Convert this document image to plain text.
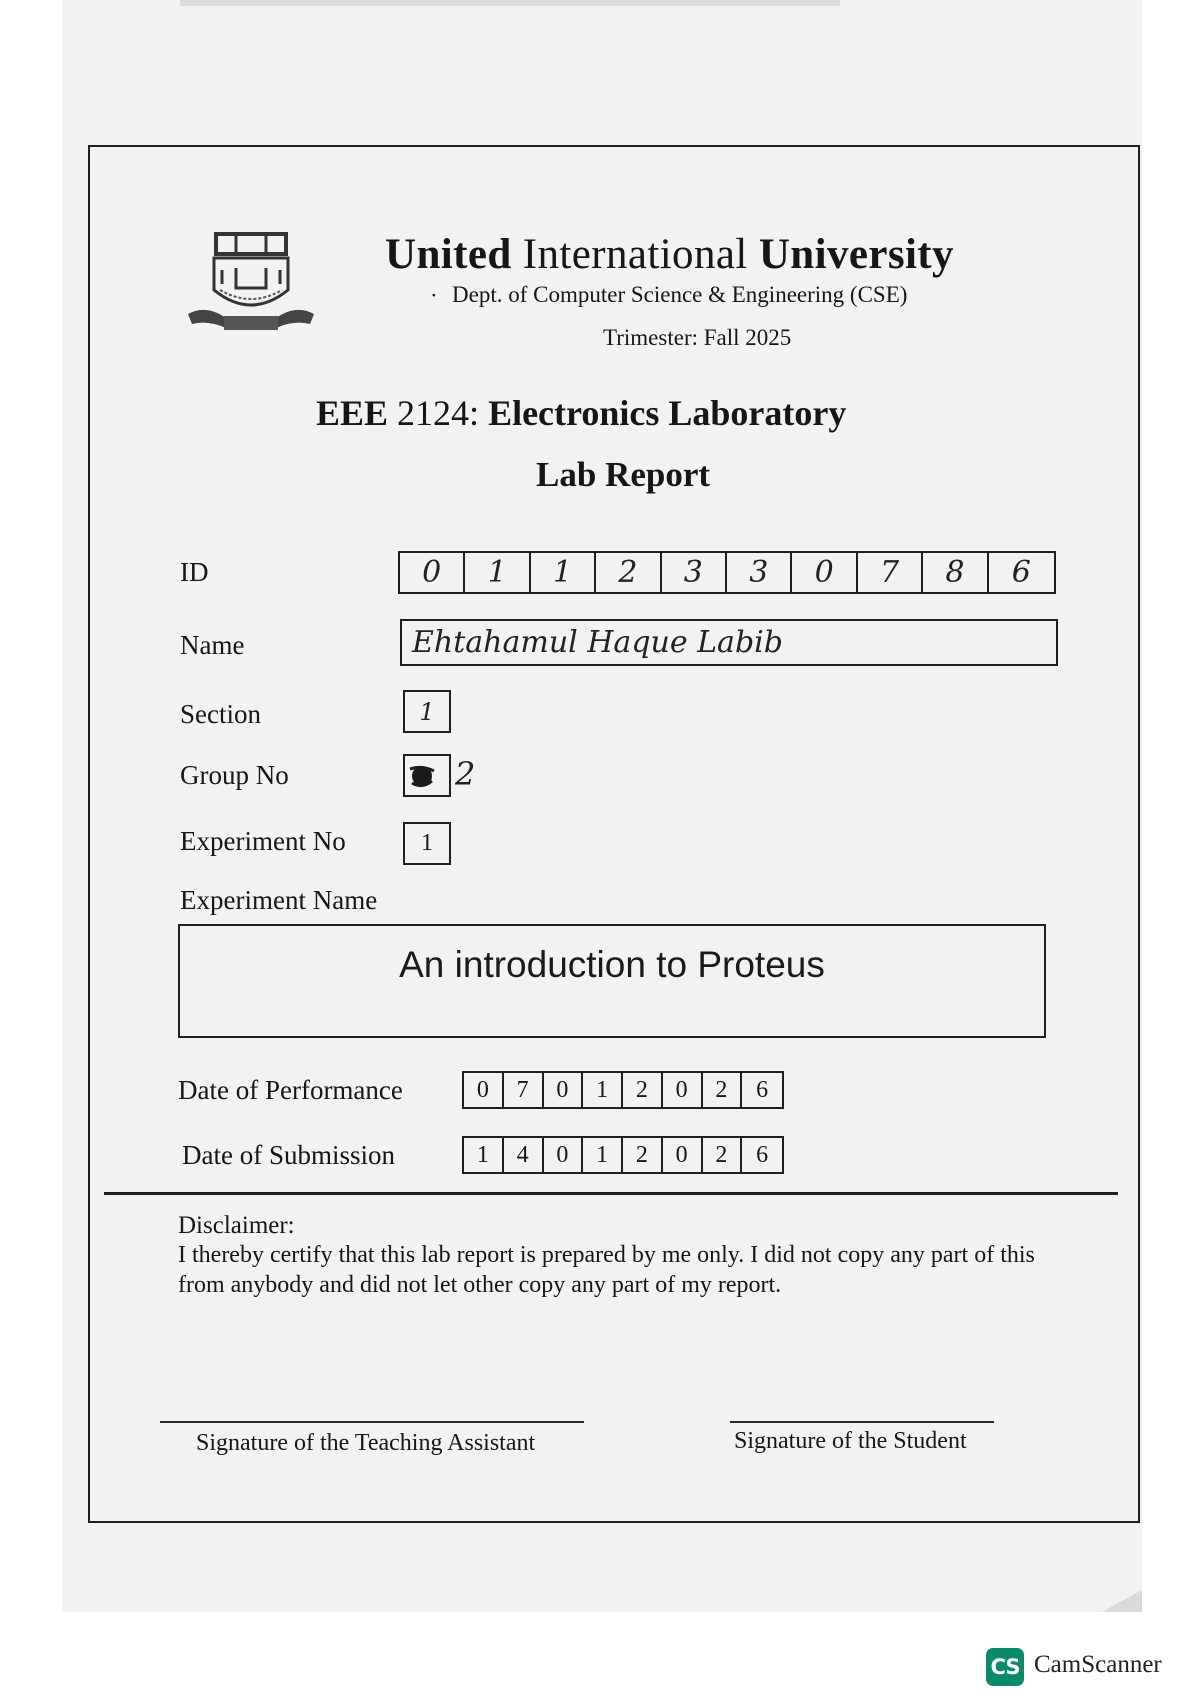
United International University
· Dept. of Computer Science & Engineering (CSE)
Trimester: Fall 2025
EEE 2124: Electronics Laboratory
Lab Report
ID	0	1	1	2	3	3	0	7	8	6
Name	Ehtahamul Haque Labib
Section	1
Group No	2
Experiment No	1
Experiment Name
An introduction to Proteus
Date of Performance	0	7	0	1	2	0	2	6
Date of Submission	1	4	0	1	2	0	2	6
Disclaimer:
I thereby certify that this lab report is prepared by me only. I did not copy any part of this from anybody and did not let other copy any part of my report.
Signature of the Teaching Assistant	Signature of the Student
CS CamScanner
